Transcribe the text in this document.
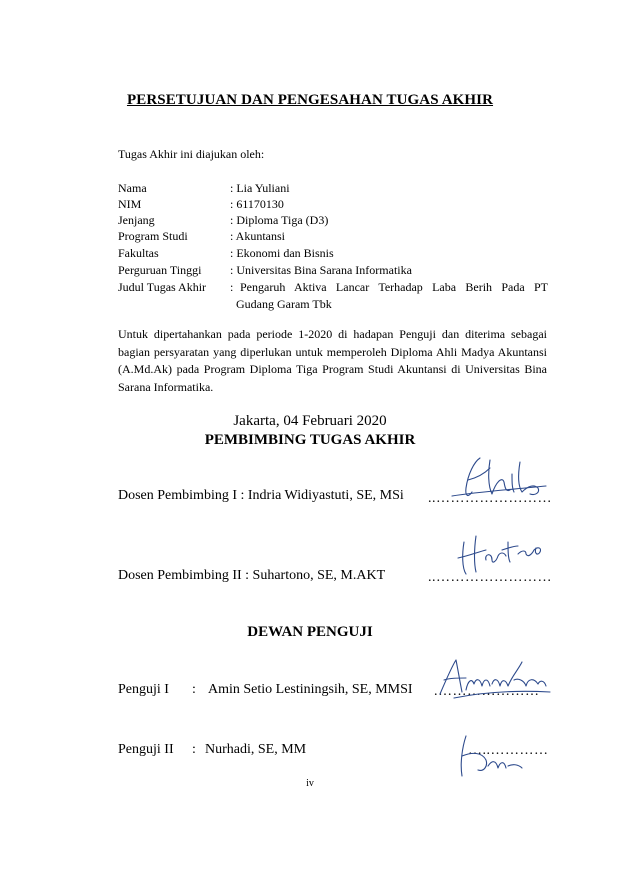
PERSETUJUAN DAN PENGESAHAN TUGAS AKHIR
Tugas Akhir ini diajukan oleh:
Nama	: Lia Yuliani
NIM	: 61170130
Jenjang	: Diploma Tiga (D3)
Program Studi	: Akuntansi
Fakultas	: Ekonomi dan Bisnis
Perguruan Tinggi	: Universitas Bina Sarana Informatika
Judul Tugas Akhir	: Pengaruh Aktiva Lancar Terhadap Laba Berih Pada PT
Gudang Garam Tbk
Untuk dipertahankan pada periode 1-2020 di hadapan Penguji dan diterima sebagai bagian persyaratan yang diperlukan untuk memperoleh Diploma Ahli Madya Akuntansi (A.Md.Ak) pada Program Diploma Tiga Program Studi Akuntansi di Universitas Bina Sarana Informatika.
Jakarta, 04 Februari 2020
PEMBIMBING TUGAS AKHIR
Dosen Pembimbing I : Indria Widiyastuti, SE, MSi ..……………………
Dosen Pembimbing II : Suhartono, SE, M.AKT	..……………………
DEWAN PENGUJI
Penguji I : Amin Setio Lestiningsih, SE, MMSI .…………………
Penguji II : Nurhadi, SE, MM	…..…………
iv
